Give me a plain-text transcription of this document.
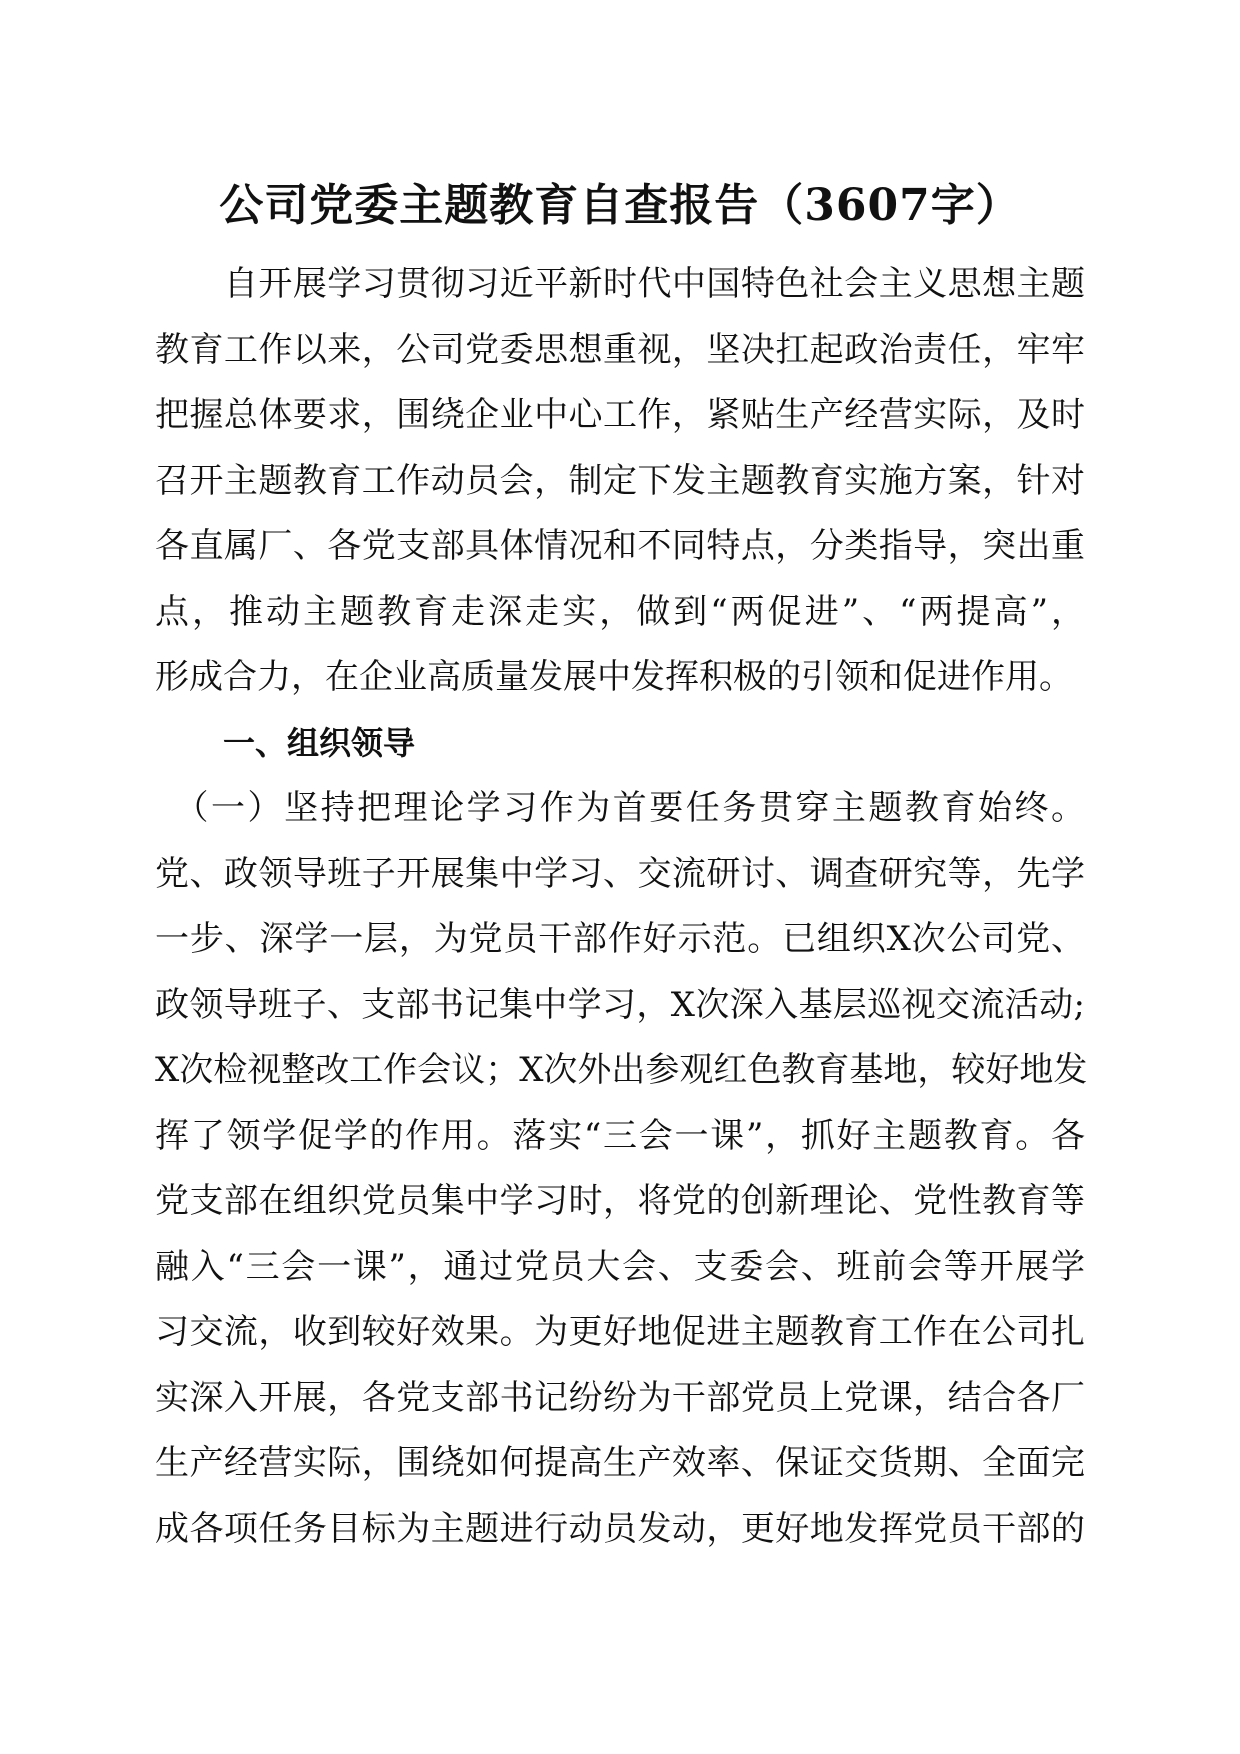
公司党委主题教育自查报告（3607字）
　　自开展学习贯彻习近平新时代中国特色社会主义思想主题
教育工作以来，公司党委思想重视，坚决扛起政治责任，牢牢
把握总体要求，围绕企业中心工作，紧贴生产经营实际，及时
召开主题教育工作动员会，制定下发主题教育实施方案，针对
各直属厂、各党支部具体情况和不同特点，分类指导，突出重
点，推动主题教育走深走实，做到“两促进”、“两提高”，
形成合力，在企业高质量发展中发挥积极的引领和促进作用。
一、组织领导
　（一）坚持把理论学习作为首要任务贯穿主题教育始终。
党、政领导班子开展集中学习、交流研讨、调查研究等，先学
一步、深学一层，为党员干部作好示范。已组织X次公司党、
政领导班子、支部书记集中学习，X次深入基层巡视交流活动;
X次检视整改工作会议；X次外出参观红色教育基地，较好地发
挥了领学促学的作用。落实“三会一课”，抓好主题教育。各
党支部在组织党员集中学习时，将党的创新理论、党性教育等
融入“三会一课”，通过党员大会、支委会、班前会等开展学
习交流，收到较好效果。为更好地促进主题教育工作在公司扎
实深入开展，各党支部书记纷纷为干部党员上党课，结合各厂
生产经营实际，围绕如何提高生产效率、保证交货期、全面完
成各项任务目标为主题进行动员发动，更好地发挥党员干部的
